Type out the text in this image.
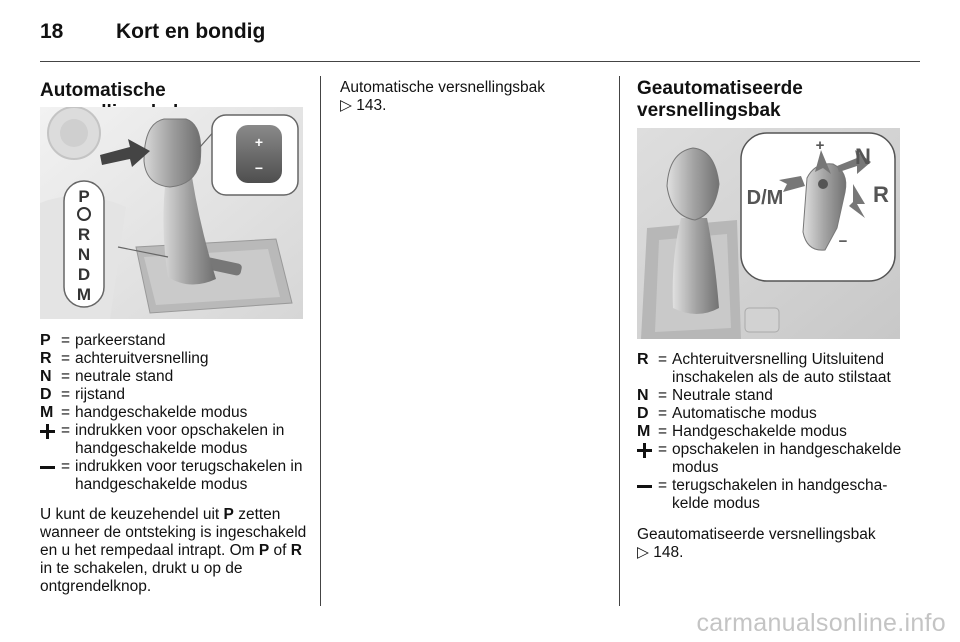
18	Kort en bondig
Automatische
+
−
P
R
N
D
M
P = parkeerstand
R = achteruitversnelling
N = neutrale stand
D = rijstand
M = handgeschakelde modus
= indrukken voor opschakelen in handgeschakelde modus
= indrukken voor terugschakelen in handgeschakelde modus

U kunt de keuzehendel uit P zetten wanneer de ontsteking is ingeschakeld en u het rempedaal intrapt. Om P of R in te schakelen, drukt u op de ontgrendelknop.

Automatische versnellingsbak
▷ 143.

Geautomatiseerde
versnellingsbak
+
−
N
R
D/M
R = Achteruitversnelling Uitsluitend inschakelen als de auto stilstaat
N = Neutrale stand
D = Automatische modus
M = Handgeschakelde modus
= opschakelen in handgeschakelde modus
= terugschakelen in handgeschakelde modus

Geautomatiseerde versnellingsbak
▷ 148.

carmanualsonline.info
